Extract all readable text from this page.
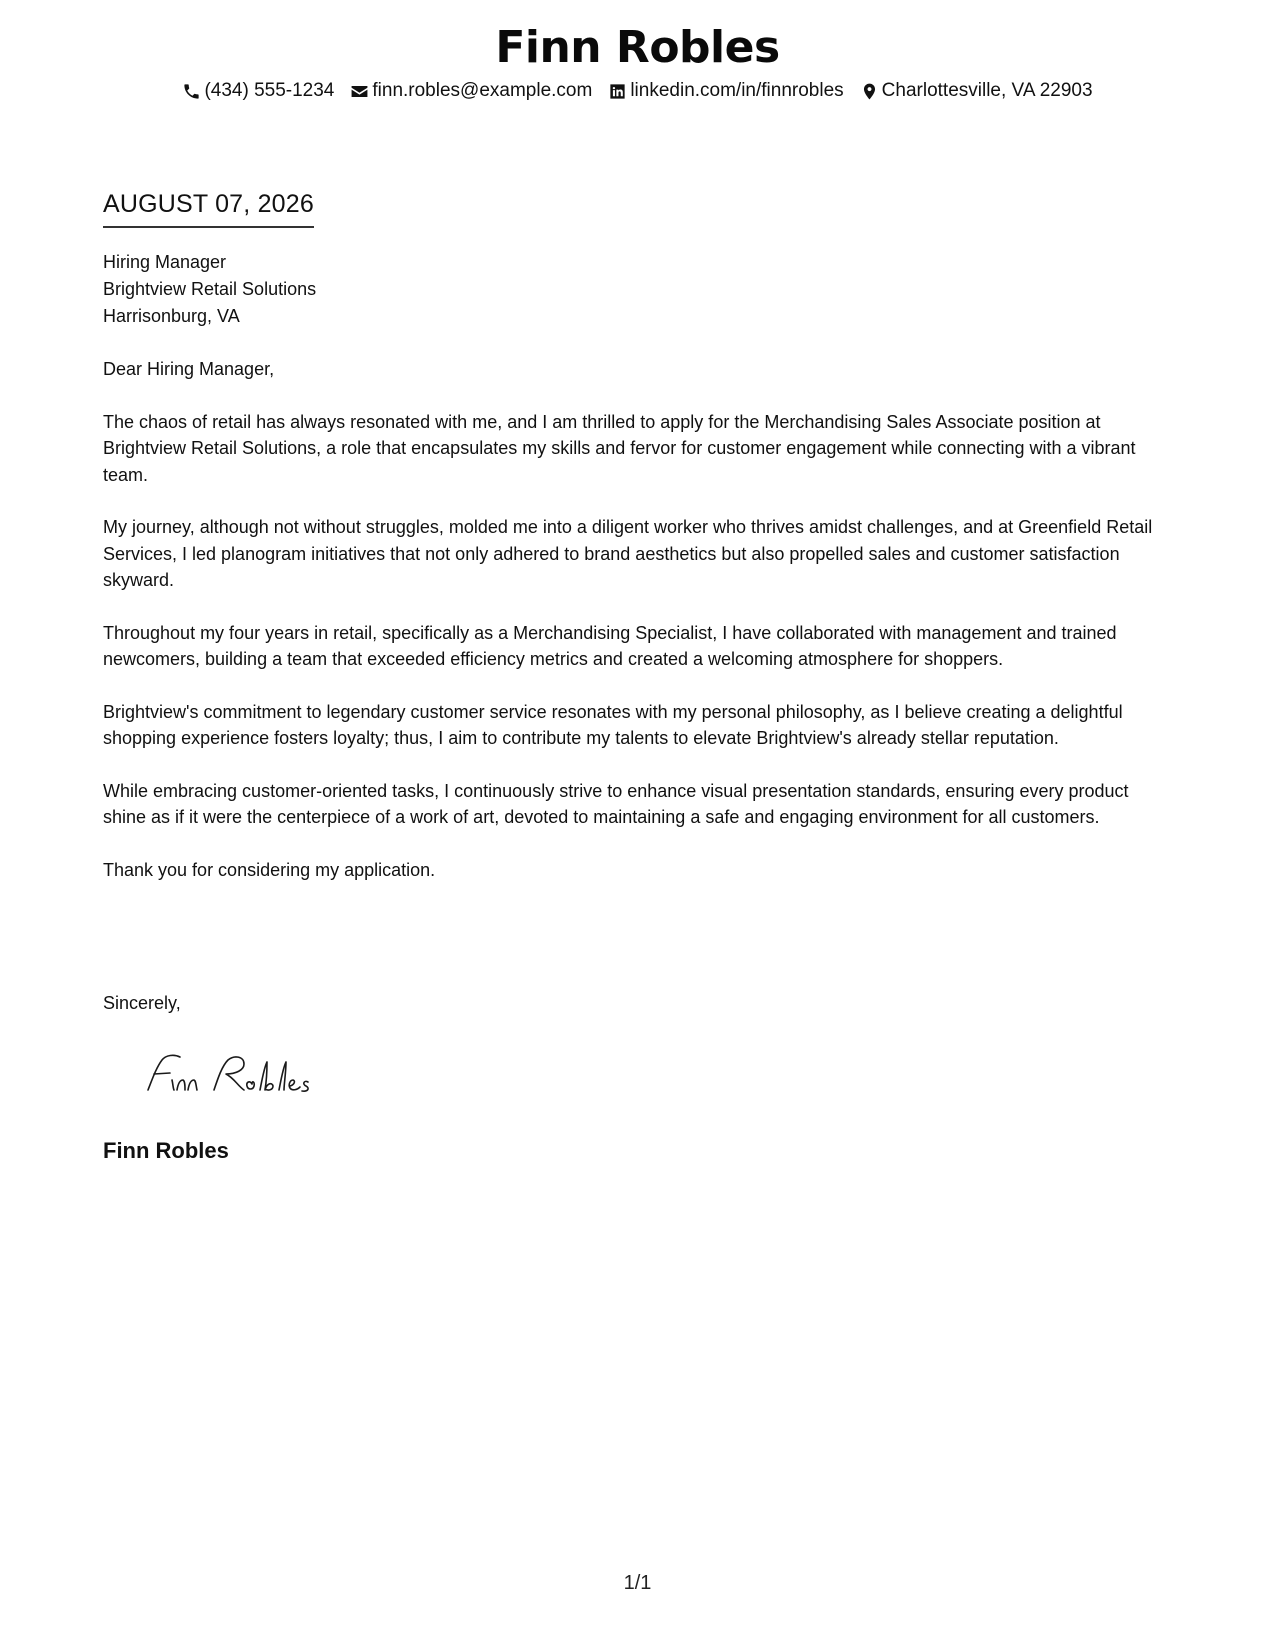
Finn Robles
(434) 555-1234 finn.robles@example.com linkedin.com/in/finnrobles Charlottesville, VA 22903
AUGUST 07, 2026
Hiring Manager
Brightview Retail Solutions
Harrisonburg, VA

Dear Hiring Manager,

The chaos of retail has always resonated with me, and I am thrilled to apply for the Merchandising Sales Associate position at Brightview Retail Solutions, a role that encapsulates my skills and fervor for customer engagement while connecting with a vibrant team.

My journey, although not without struggles, molded me into a diligent worker who thrives amidst challenges, and at Greenfield Retail Services, I led planogram initiatives that not only adhered to brand aesthetics but also propelled sales and customer satisfaction skyward.

Throughout my four years in retail, specifically as a Merchandising Specialist, I have collaborated with management and trained newcomers, building a team that exceeded efficiency metrics and created a welcoming atmosphere for shoppers.

Brightview's commitment to legendary customer service resonates with my personal philosophy, as I believe creating a delightful shopping experience fosters loyalty; thus, I aim to contribute my talents to elevate Brightview's already stellar reputation.

While embracing customer-oriented tasks, I continuously strive to enhance visual presentation standards, ensuring every product shine as if it were the centerpiece of a work of art, devoted to maintaining a safe and engaging environment for all customers.

Thank you for considering my application.

Sincerely,
Finn Robles
1/1
